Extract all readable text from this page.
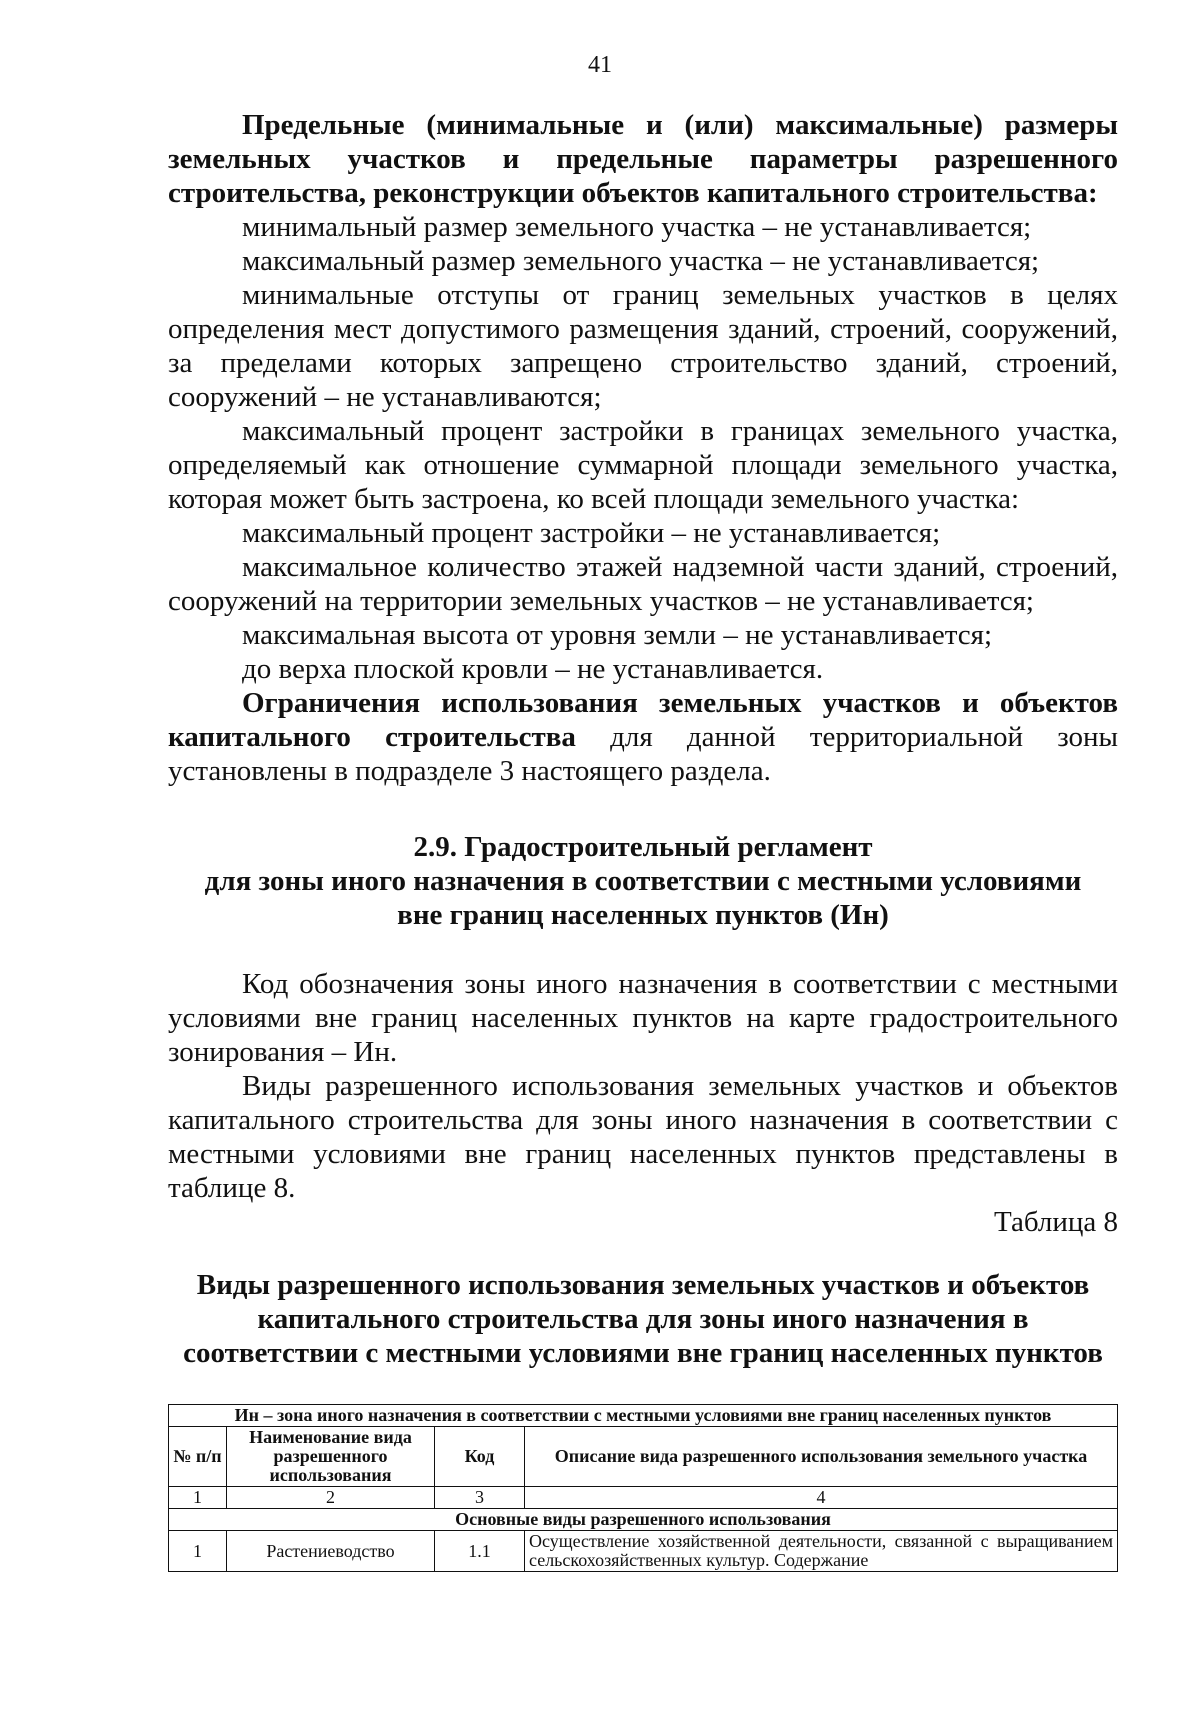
41

Предельные (минимальные и (или) максимальные) размеры земельных участков и предельные параметры разрешенного строительства, реконструкции объектов капитального строительства:

минимальный размер земельного участка – не устанавливается;

максимальный размер земельного участка – не устанавливается;

минимальные отступы от границ земельных участков в целях определения мест допустимого размещения зданий, строений, сооружений, за пределами которых запрещено строительство зданий, строений, сооружений – не устанавливаются;

максимальный процент застройки в границах земельного участка, определяемый как отношение суммарной площади земельного участка, которая может быть застроена, ко всей площади земельного участка:

максимальный процент застройки – не устанавливается;

максимальное количество этажей надземной части зданий, строений, сооружений на территории земельных участков – не устанавливается;

максимальная высота от уровня земли – не устанавливается;

до верха плоской кровли – не устанавливается.

Ограничения использования земельных участков и объектов капитального строительства для данной территориальной зоны установлены в подразделе 3 настоящего раздела.

2.9. Градостроительный регламент
для зоны иного назначения в соответствии с местными условиями
вне границ населенных пунктов (Ин)

Код обозначения зоны иного назначения в соответствии с местными условиями вне границ населенных пунктов на карте градостроительного зонирования – Ин.

Виды разрешенного использования земельных участков и объектов капитального строительства для зоны иного назначения в соответствии с местными условиями вне границ населенных пунктов представлены в таблице 8.

Таблица 8

Виды разрешенного использования земельных участков и объектов
капитального строительства для зоны иного назначения в
соответствии с местными условиями вне границ населенных пунктов
Ин – зона иного назначения в соответствии с местными условиями вне границ населенных пунктов			
№ п/п	Наименование вида разрешенного использования	Код	Описание вида разрешенного использования земельного участка
1	2	3	4
Основные виды разрешенного использования			
1	Растениеводство	1.1	Осуществление хозяйственной деятельности, связанной с выращиванием сельскохозяйственных культур. Содержание
